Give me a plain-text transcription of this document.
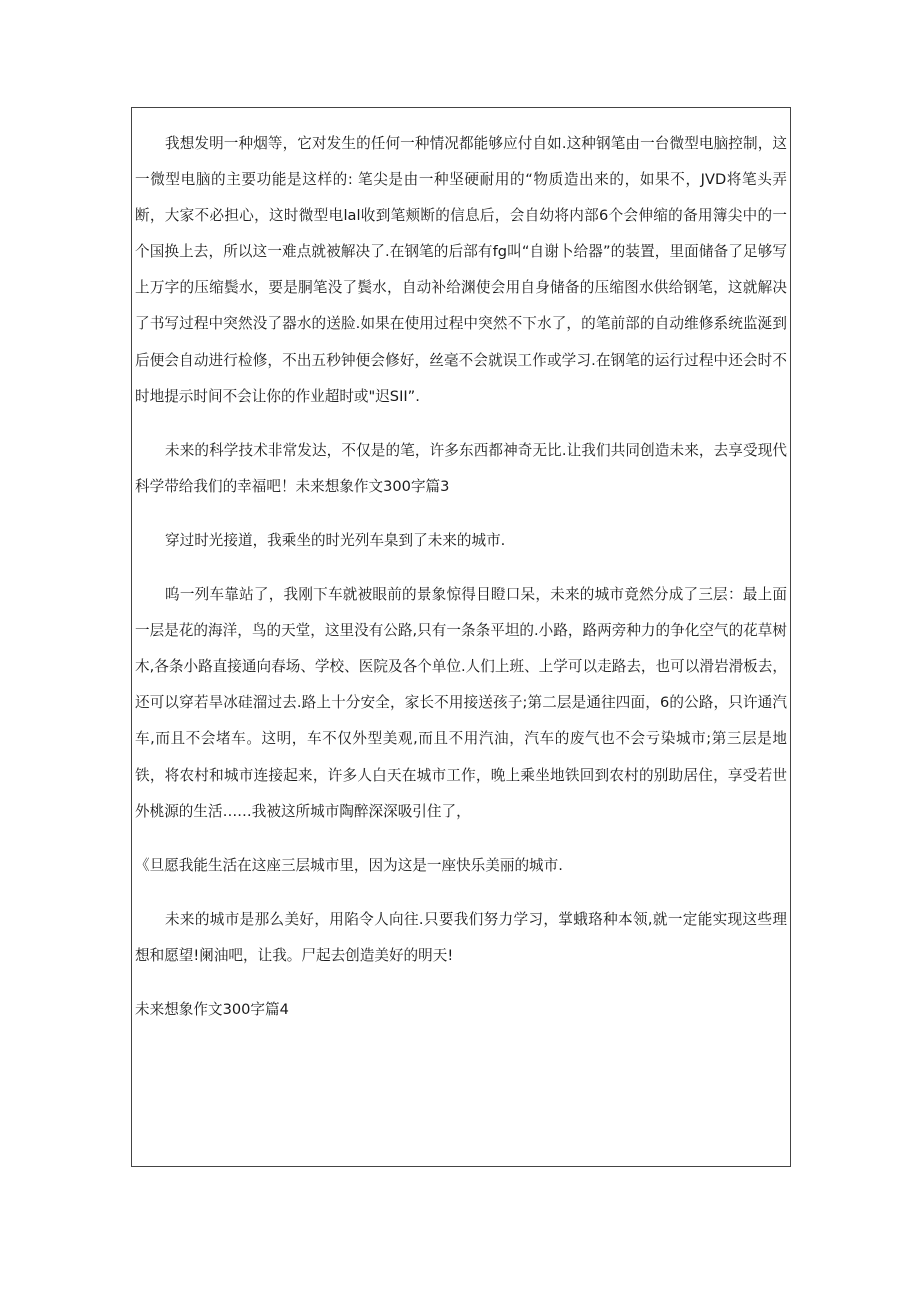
我想发明一种烟等，它对发生的任何一种情况都能够应付自如.这种钢笔由一台微型电脑控制，这一微型电脑的主要功能是这样的: 笔尖是由一种坚硬耐用的“物质造出来的，如果不，JVD将笔头弄断，大家不必担心，这时微型电lal收到笔颊断的信息后，会自幼将内部6个会伸缩的备用簿尖中的一个国换上去，所以这一难点就被解决了.在钢笔的后部有fg叫“自谢卜给器”的装置，里面储备了足够写上万字的压缩鬓水，要是胴笔没了鬓水，自动补给渊使会用自身储备的压缩图水供给钢笔，这就解决了书写过程中突然没了器水的送脸.如果在使用过程中突然不下水了，的笔前部的自动维修系统监涎到后便会自动进行检修，不出五秒钟便会修好，丝毫不会就误工作或学习.在钢笔的运行过程中还会时不时地提示时间不会让你的作业超时或"迟SII”.

未来的科学技术非常发达，不仅是的笔，许多东西都神奇无比.让我们共同创造未来，去享受现代科学带给我们的幸福吧！未来想象作文300字篇3

穿过时光接道，我乘坐的时光列车臬到了未来的城市.

呜一列车靠站了，我刚下车就被眼前的景象惊得目瞪口呆，未来的城市竟然分成了三层：最上面一层是花的海洋，鸟的天堂，这里没有公路,只有一条条平坦的.小路，路两旁种力的争化空气的花草树木,各条小路直接通向春场、学校、医院及各个单位.人们上班、上学可以走路去，也可以滑岩滑板去，还可以穿若旱冰硅溜过去.路上十分安全，家长不用接送孩子;第二层是通往四面，6的公路，只许通汽车,而且不会堵车。这明，车不仅外型美观,而且不用汽油，汽车的废气也不会亏染城市;第三层是地铁，将农村和城市连接起来，许多人白天在城市工作，晚上乘坐地铁回到农村的别助居住，享受若世外桃源的生活……我被这所城市陶醉深深吸引住了，

《旦愿我能生活在这座三层城市里，因为这是一座快乐美丽的城市.

未来的城市是那么美好，用陷令人向往.只要我们努力学习，掌蛾珞种本领,就一定能实现这些理想和愿望!阑油吧，让我。尸起去创造美好的明天!

未来想象作文300字篇4
